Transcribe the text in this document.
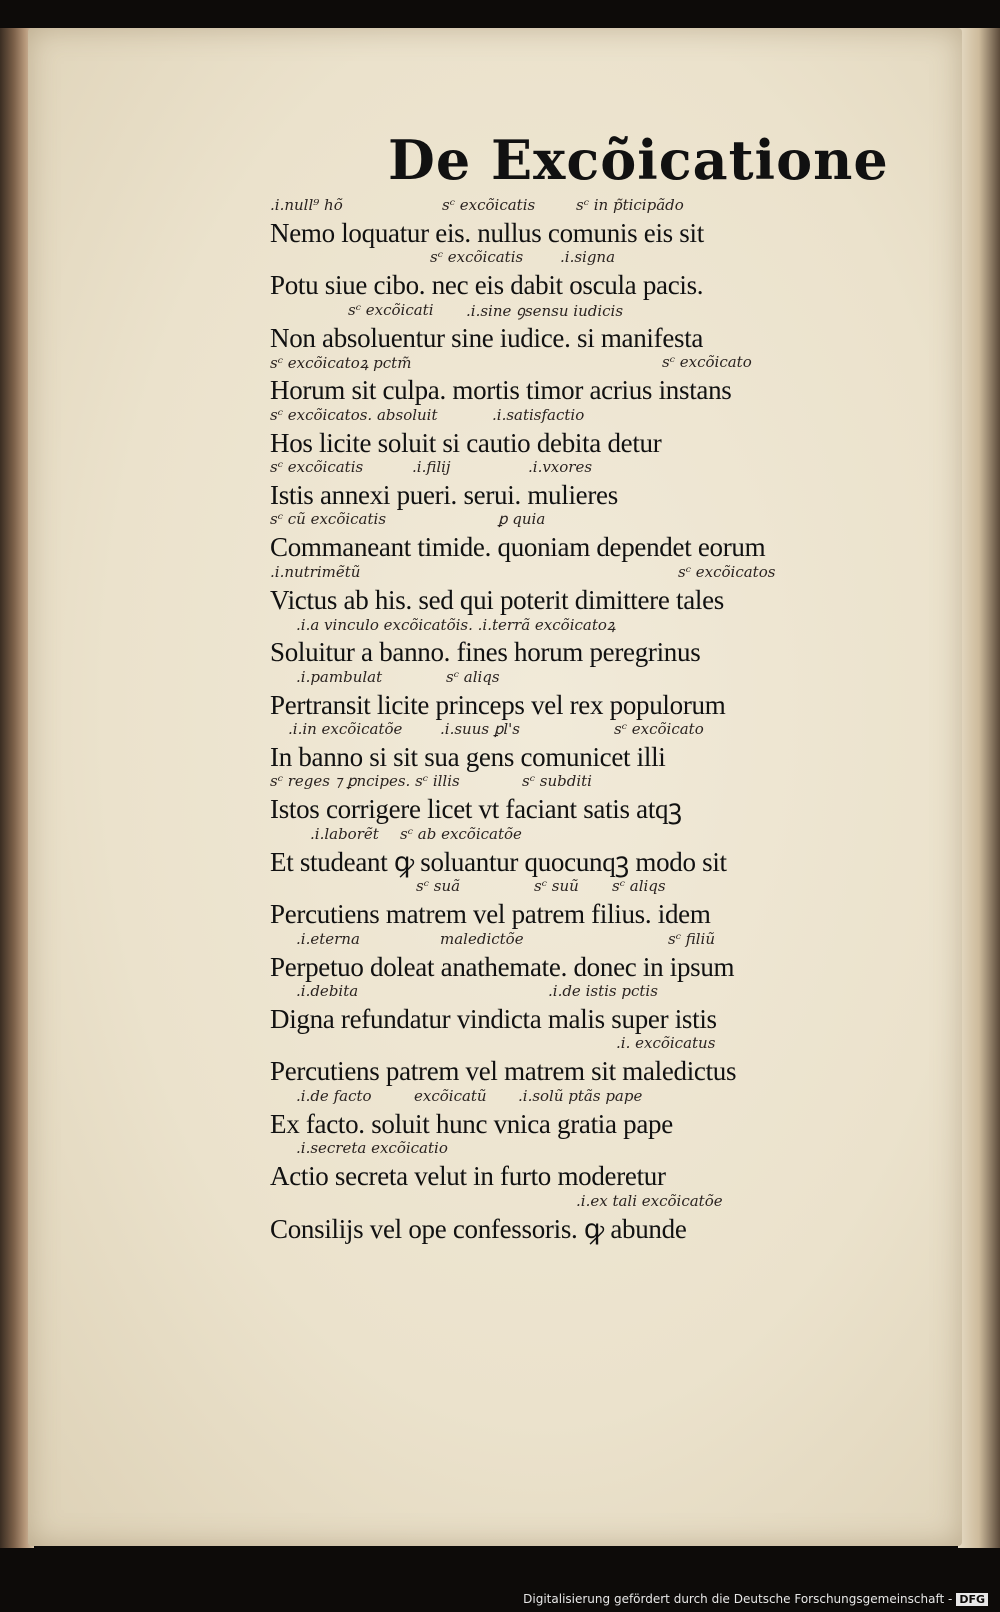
De Excõicatione
.i.null⁹ hõ	sᶜ excõicatis	sᶜ in p̃ticipãdo
Nemo loquatur eis. nullus comunis eis sit
sᶜ excõicatis .i.signa
Potu siue cibo. nec eis dabit oscula pacis.
sᶜ excõicati .i.sine ꝯsensu iudicis
Non absoluentur sine iudice. si manifesta
sᶜ excõicatoꝝ pctm̃	sᶜ excõicato
Horum sit culpa. mortis timor acrius instans
sᶜ excõicatos. absoluit	.i.satisfactio
Hos licite soluit si cautio debita detur
sᶜ excõicatis	.i.filij	.i.vxores
Istis annexi pueri. serui. mulieres
sᶜ cũ excõicatis	ꝑ quia
Commaneant timide. quoniam dependet eorum
.i.nutrimẽtũ	sᶜ excõicatos
Victus ab his. sed qui poterit dimittere tales
.i.a vinculo excõicatõis. .i.terrã excõicatoꝝ
Soluitur a banno. fines horum peregrinus
.i.pambulat	sᶜ aliqs
Pertransit licite princeps vel rex populorum
.i.in excõicatõe	.i.suus ꝑl's	sᶜ excõicato
In banno si sit sua gens comunicet illi
sᶜ reges ⁊ ꝑncipes. sᶜ illis	sᶜ subditi
Istos corrigere licet vt faciant satis atqꝫ
.i.laborẽt sᶜ ab excõicatõe
Et studeant ꝙ soluantur quocunqꝫ modo sit
sᶜ suã	sᶜ suũ sᶜ aliqs
Percutiens matrem vel patrem filius. idem
.i.eterna	maledictõe	sᶜ filiũ
Perpetuo doleat anathemate. donec in ipsum
.i.debita	.i.de istis pctis
Digna refundatur vindicta malis super istis
.i. excõicatus
Percutiens patrem vel matrem sit maledictus
.i.de facto	excõicatũ .i.solũ ptãs pape
Ex facto. soluit hunc vnica gratia pape
.i.secreta excõicatio
Actio secreta velut in furto moderetur
.i.ex tali excõicatõe
Consilijs vel ope confessoris. ꝙ abunde
Digitalisierung gefördert durch die Deutsche Forschungsgemeinschaft - DFG
